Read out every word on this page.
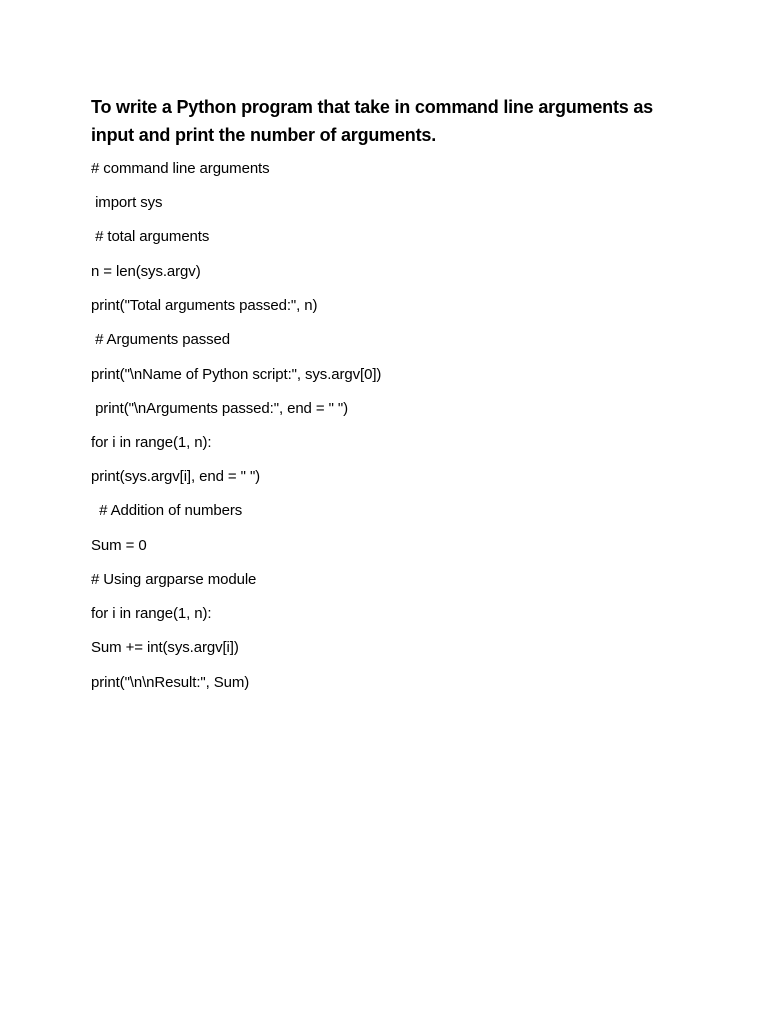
To write a Python program that take in command line arguments as input and print the number of arguments.

# command line arguments

import sys

# total arguments

n = len(sys.argv)

print("Total arguments passed:", n)

# Arguments passed

print("\nName of Python script:", sys.argv[0])

print("\nArguments passed:", end = " ")

for i in range(1, n):

print(sys.argv[i], end = " ")

# Addition of numbers

Sum = 0

# Using argparse module

for i in range(1, n):

Sum += int(sys.argv[i])

print("\n\nResult:", Sum)
